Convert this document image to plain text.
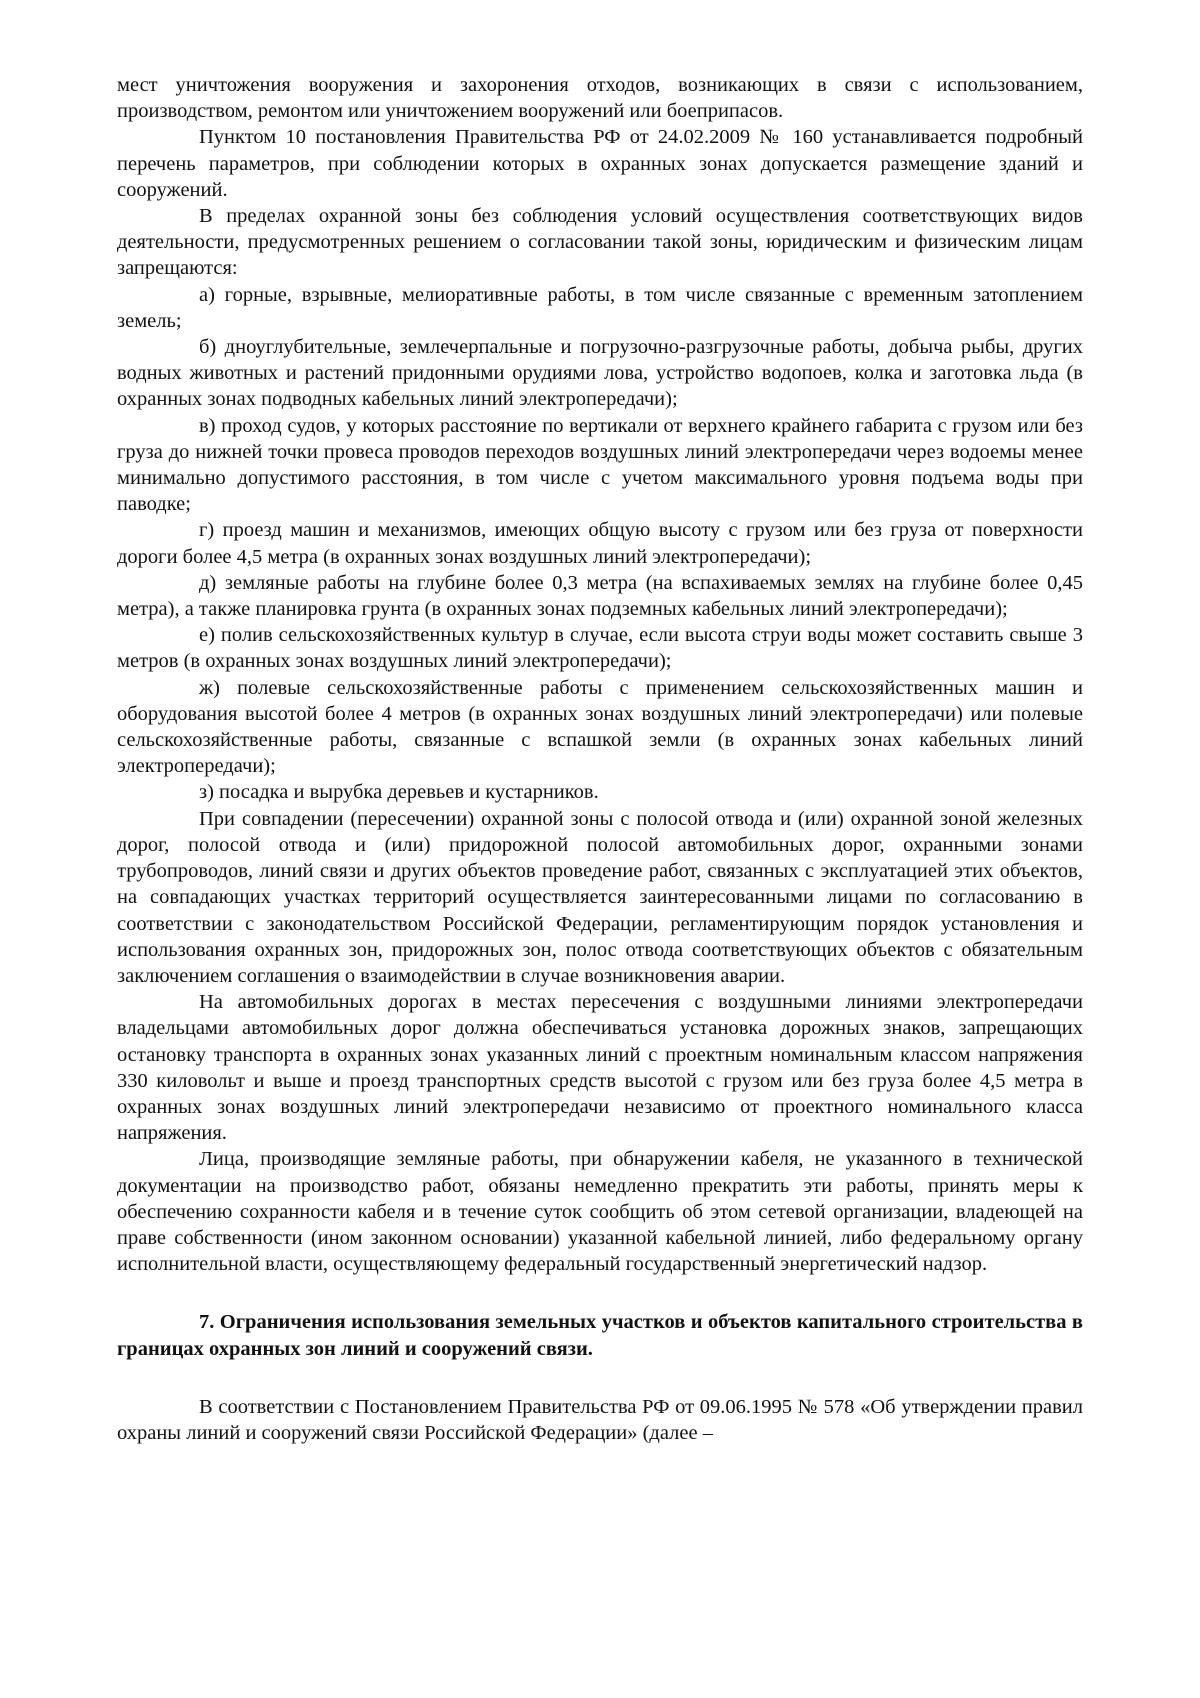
мест уничтожения вооружения и захоронения отходов, возникающих в связи с использованием, производством, ремонтом или уничтожением вооружений или боеприпасов.

Пунктом 10 постановления Правительства РФ от 24.02.2009 № 160 устанавливается подробный перечень параметров, при соблюдении которых в охранных зонах допускается размещение зданий и сооружений.

В пределах охранной зоны без соблюдения условий осуществления соответствующих видов деятельности, предусмотренных решением о согласовании такой зоны, юридическим и физическим лицам запрещаются:

а) горные, взрывные, мелиоративные работы, в том числе связанные с временным затоплением земель;

б) дноуглубительные, землечерпальные и погрузочно-разгрузочные работы, добыча рыбы, других водных животных и растений придонными орудиями лова, устройство водопоев, колка и заготовка льда (в охранных зонах подводных кабельных линий электропередачи);

в) проход судов, у которых расстояние по вертикали от верхнего крайнего габарита с грузом или без груза до нижней точки провеса проводов переходов воздушных линий электропередачи через водоемы менее минимально допустимого расстояния, в том числе с учетом максимального уровня подъема воды при паводке;

г) проезд машин и механизмов, имеющих общую высоту с грузом или без груза от поверхности дороги более 4,5 метра (в охранных зонах воздушных линий электропередачи);

д) земляные работы на глубине более 0,3 метра (на вспахиваемых землях на глубине более 0,45 метра), а также планировка грунта (в охранных зонах подземных кабельных линий электропередачи);

е) полив сельскохозяйственных культур в случае, если высота струи воды может составить свыше 3 метров (в охранных зонах воздушных линий электропередачи);

ж) полевые сельскохозяйственные работы с применением сельскохозяйственных машин и оборудования высотой более 4 метров (в охранных зонах воздушных линий электропередачи) или полевые сельскохозяйственные работы, связанные с вспашкой земли (в охранных зонах кабельных линий электропередачи);

з) посадка и вырубка деревьев и кустарников.

При совпадении (пересечении) охранной зоны с полосой отвода и (или) охранной зоной железных дорог, полосой отвода и (или) придорожной полосой автомобильных дорог, охранными зонами трубопроводов, линий связи и других объектов проведение работ, связанных с эксплуатацией этих объектов, на совпадающих участках территорий осуществляется заинтересованными лицами по согласованию в соответствии с законодательством Российской Федерации, регламентирующим порядок установления и использования охранных зон, придорожных зон, полос отвода соответствующих объектов с обязательным заключением соглашения о взаимодействии в случае возникновения аварии.

На автомобильных дорогах в местах пересечения с воздушными линиями электропередачи владельцами автомобильных дорог должна обеспечиваться установка дорожных знаков, запрещающих остановку транспорта в охранных зонах указанных линий с проектным номинальным классом напряжения 330 киловольт и выше и проезд транспортных средств высотой с грузом или без груза более 4,5 метра в охранных зонах воздушных линий электропередачи независимо от проектного номинального класса напряжения.

Лица, производящие земляные работы, при обнаружении кабеля, не указанного в технической документации на производство работ, обязаны немедленно прекратить эти работы, принять меры к обеспечению сохранности кабеля и в течение суток сообщить об этом сетевой организации, владеющей на праве собственности (ином законном основании) указанной кабельной линией, либо федеральному органу исполнительной власти, осуществляющему федеральный государственный энергетический надзор.

7. Ограничения использования земельных участков и объектов капитального строительства в границах охранных зон линий и сооружений связи.

В соответствии с Постановлением Правительства РФ от 09.06.1995 № 578 «Об утверждении правил охраны линий и сооружений связи Российской Федерации» (далее –
